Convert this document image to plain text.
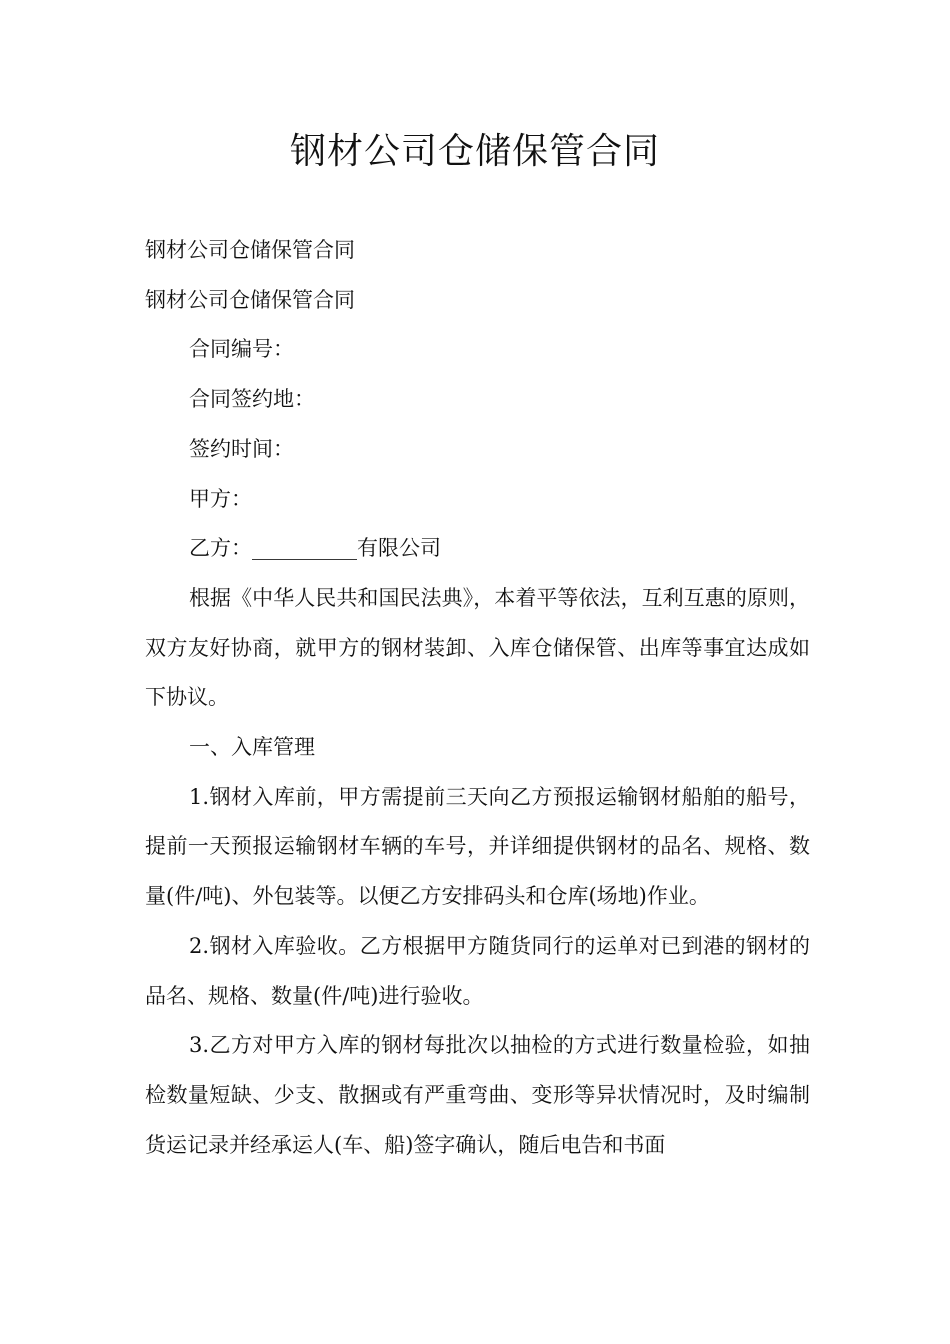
钢材公司仓储保管合同

钢材公司仓储保管合同

钢材公司仓储保管合同

合同编号：

合同签约地：

签约时间：

甲方：

乙方：__________有限公司

根据《中华人民共和国民法典》，本着平等依法，互利互惠的原则，双方友好协商，就甲方的钢材装卸、入库仓储保管、出库等事宜达成如下协议。

一、入库管理

1.钢材入库前，甲方需提前三天向乙方预报运输钢材船舶的船号，提前一天预报运输钢材车辆的车号，并详细提供钢材的品名、规格、数量(件/吨)、外包装等。以便乙方安排码头和仓库(场地)作业。

2.钢材入库验收。乙方根据甲方随货同行的运单对已到港的钢材的品名、规格、数量(件/吨)进行验收。

3.乙方对甲方入库的钢材每批次以抽检的方式进行数量检验，如抽检数量短缺、少支、散捆或有严重弯曲、变形等异状情况时，及时编制货运记录并经承运人(车、船)签字确认，随后电告和书面
